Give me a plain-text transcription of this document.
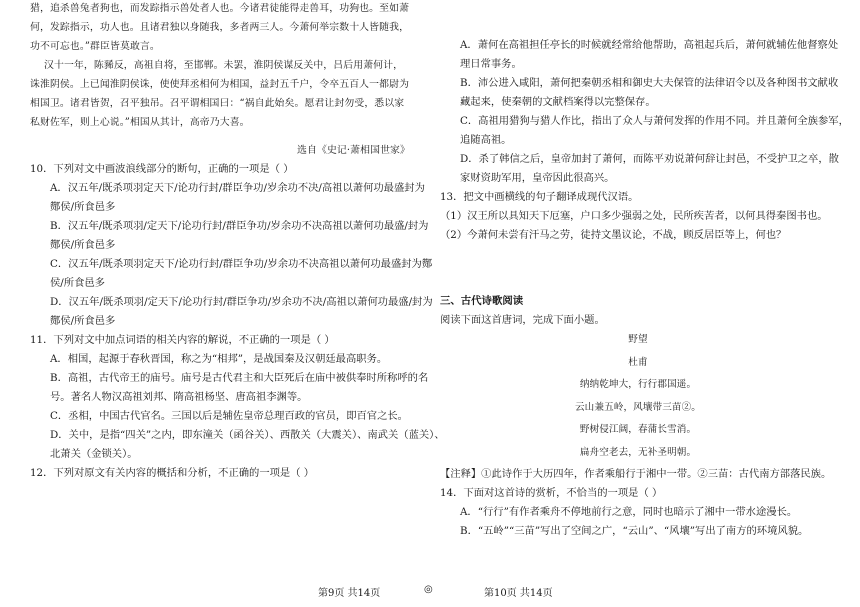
猎，追杀兽兔者狗也，而发踪指示兽处者人也。今诸君徒能得走兽耳，功狗也。至如萧

何，发踪指示，功人也。且诸君独以身随我，多者两三人。今萧何举宗数十人皆随我，

功不可忘也。”群臣皆莫敢言。

汉十一年，陈豨反，高祖自将，至邯郸。未罢，淮阴侯谋反关中，吕后用萧何计，

诛淮阴侯。上已闻淮阴侯诛，使使拜丞相何为相国，益封五千户，令卒五百人一都尉为

相国卫。诸君皆贺，召平独吊。召平谓相国曰：“祸自此始矣。愿君让封勿受，悉以家

私财佐军，则上心说。”相国从其计，高帝乃大喜。

选自《史记·萧相国世家》

10．下列对文中画波浪线部分的断句，正确的一项是（ ）

A．汉五年/既杀项羽定天下/论功行封/群臣争功/岁余功不决/高祖以萧何功最盛封为

酂侯/所食邑多

B．汉五年/既杀项羽/定天下/论功行封/群臣争功/岁余功不决高祖以萧何功最盛/封为

酂侯/所食邑多

C．汉五年/既杀项羽定天下/论功行封/群臣争功/岁余功不决高祖以萧何功最盛封为酂

侯/所食邑多

D．汉五年/既杀项羽/定天下/论功行封/群臣争功/岁余功不决/高祖以萧何功最盛/封为

酂侯/所食邑多

11．下列对文中加点词语的相关内容的解说，不正确的一项是（ ）

A．相国，起源于春秋晋国，称之为“相邦”，是战国秦及汉朝廷最高职务。

B．高祖，古代帝王的庙号。庙号是古代君主和大臣死后在庙中被供奉时所称呼的名

号。著名人物汉高祖刘邦、隋高祖杨坚、唐高祖李渊等。

C．丞相，中国古代官名。三国以后是辅佐皇帝总理百政的官员，即百官之长。

D．关中，是指“四关”之内，即东潼关（函谷关）、西散关（大震关）、南武关（蓝关）、

北萧关（金锁关）。

12．下列对原文有关内容的概括和分析，不正确的一项是（ ）

A．萧何在高祖担任亭长的时候就经常给他帮助，高祖起兵后，萧何就辅佐他督察处

理日常事务。

B．沛公进入咸阳，萧何把秦朝丞相和御史大夫保管的法律诏令以及各种图书文献收

藏起来，使秦朝的文献档案得以完整保存。

C．高祖用猎狗与猎人作比，指出了众人与萧何发挥的作用不同。并且萧何全族参军，

追随高祖。

D．杀了韩信之后，皇帝加封了萧何，而陈平劝说萧何辞让封邑，不受护卫之卒，散

家财资助军用，皇帝因此很高兴。

13．把文中画横线的句子翻译成现代汉语。

（1）汉王所以具知天下厄塞，户口多少强弱之处，民所疾苦者，以何具得秦图书也。

（2）今萧何未尝有汗马之劳，徒持文墨议论，不战，顾反居臣等上，何也？

三、古代诗歌阅读

阅读下面这首唐词，完成下面小题。

野望

杜甫

纳纳乾坤大，行行郡国遥。

云山兼五岭，风壤带三苗②。

野树侵江阔，春蒲长雪消。

扁舟空老去，无补圣明朝。

【注释】①此诗作于大历四年，作者乘船行于湘中一带。②三苗：古代南方部落民族。

14．下面对这首诗的赏析，不恰当的一项是（ ）

A．“行行”有作者乘舟不停地前行之意，同时也暗示了湘中一带水途漫长。

B．“五岭”“三苗”写出了空间之广，“云山”、“风壤”写出了南方的环境风貌。

第9页 共14页	◎	第10页 共14页
